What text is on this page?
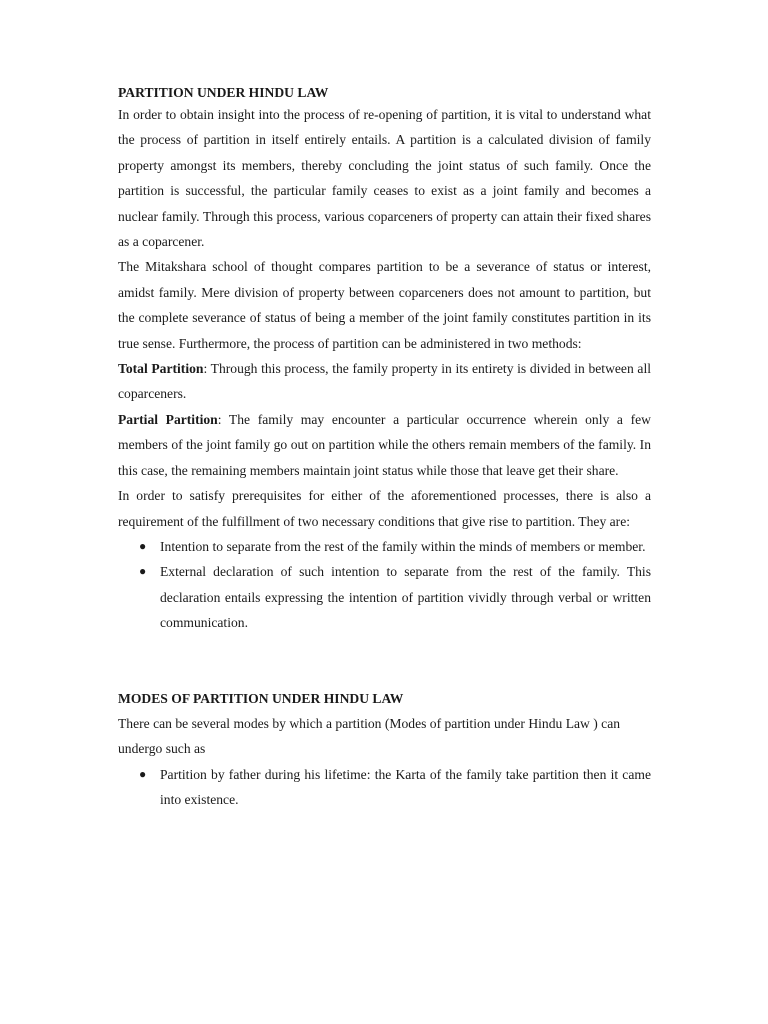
PARTITION UNDER HINDU LAW

In order to obtain insight into the process of re-opening of partition, it is vital to understand what the process of partition in itself entirely entails. A partition is a calculated division of family property amongst its members, thereby concluding the joint status of such family. Once the partition is successful, the particular family ceases to exist as a joint family and becomes a nuclear family. Through this process, various coparceners of property can attain their fixed shares as a coparcener.

The Mitakshara school of thought compares partition to be a severance of status or interest, amidst family. Mere division of property between coparceners does not amount to partition, but the complete severance of status of being a member of the joint family constitutes partition in its true sense. Furthermore, the process of partition can be administered in two methods:

Total Partition: Through this process, the family property in its entirety is divided in between all coparceners.

Partial Partition: The family may encounter a particular occurrence wherein only a few members of the joint family go out on partition while the others remain members of the family. In this case, the remaining members maintain joint status while those that leave get their share.

In order to satisfy prerequisites for either of the aforementioned processes, there is also a requirement of the fulfillment of two necessary conditions that give rise to partition. They are:

● Intention to separate from the rest of the family within the minds of members or member.
● External declaration of such intention to separate from the rest of the family. This declaration entails expressing the intention of partition vividly through verbal or written communication.
MODES OF PARTITION UNDER HINDU LAW

There can be several modes by which a partition (Modes of partition under Hindu Law ) can undergo such as

● Partition by father during his lifetime: the Karta of the family take partition then it came into existence.
